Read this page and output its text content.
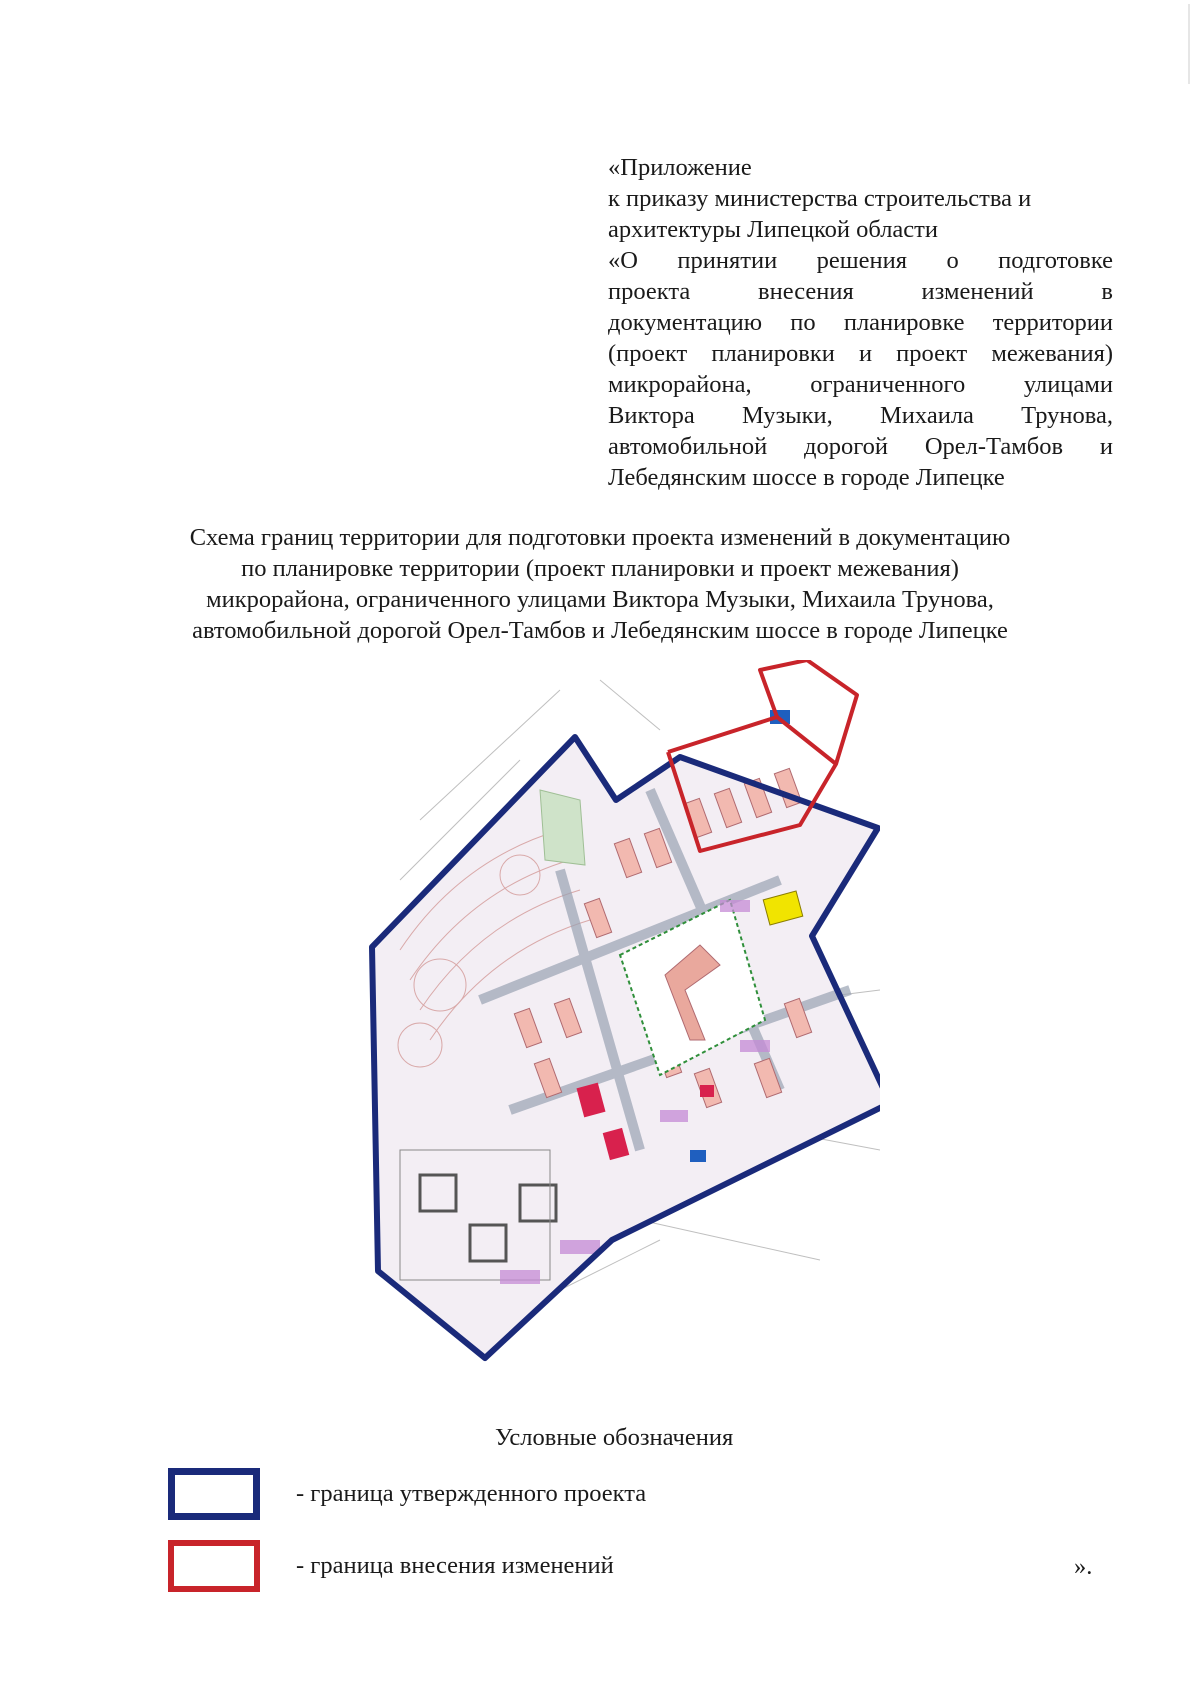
«Приложение
к приказу министерства строительства и
архитектуры Липецкой области
«О принятии решения о подготовке
проекта внесения изменений в
документацию по планировке территории
(проект планировки и проект межевания)
микрорайона, ограниченного улицами
Виктора Музыки, Михаила Трунова,
автомобильной дорогой Орел-Тамбов и
Лебедянским шоссе в городе Липецке
Схема границ территории для подготовки проекта изменений в документацию
по планировке территории (проект планировки и проект межевания)
микрорайона, ограниченного улицами Виктора Музыки, Михаила Трунова,
автомобильной дорогой Орел-Тамбов и Лебедянским шоссе в городе Липецке
Условные обозначения
- граница утвержденного проекта
- граница внесения изменений	».
